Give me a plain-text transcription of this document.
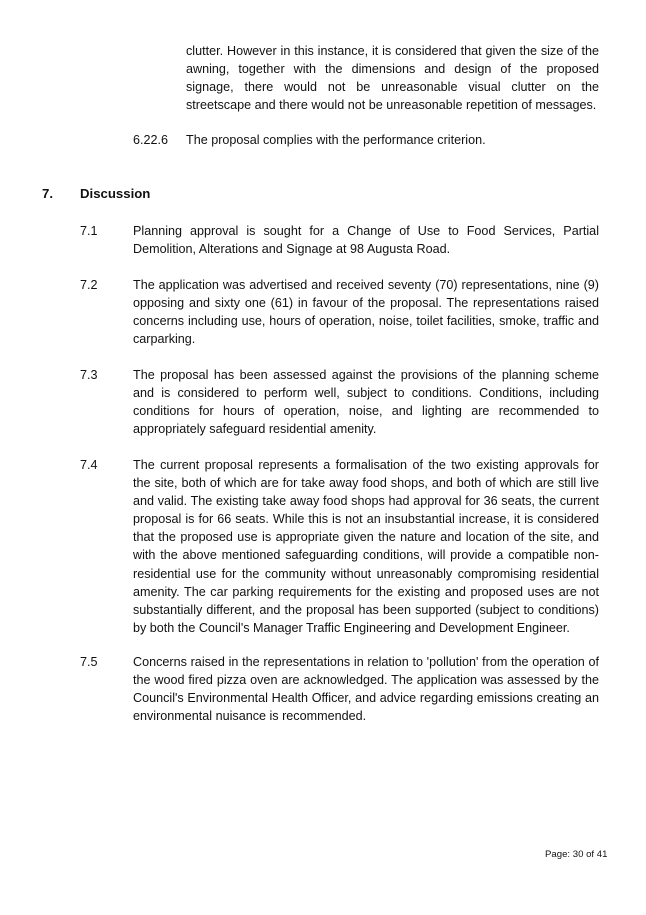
clutter. However in this instance, it is considered that given the size of the awning, together with the dimensions and design of the proposed signage, there would not be unreasonable visual clutter on the streetscape and there would not be unreasonable repetition of messages.
6.22.6 The proposal complies with the performance criterion.
7. Discussion
7.1	Planning approval is sought for a Change of Use to Food Services, Partial Demolition, Alterations and Signage at 98 Augusta Road.
7.2	The application was advertised and received seventy (70) representations, nine (9) opposing and sixty one (61) in favour of the proposal. The representations raised concerns including use, hours of operation, noise, toilet facilities, smoke, traffic and carparking.
7.3	The proposal has been assessed against the provisions of the planning scheme and is considered to perform well, subject to conditions. Conditions, including conditions for hours of operation, noise, and lighting are recommended to appropriately safeguard residential amenity.
7.4	The current proposal represents a formalisation of the two existing approvals for the site, both of which are for take away food shops, and both of which are still live and valid. The existing take away food shops had approval for 36 seats, the current proposal is for 66 seats. While this is not an insubstantial increase, it is considered that the proposed use is appropriate given the nature and location of the site, and with the above mentioned safeguarding conditions, will provide a compatible non-residential use for the community without unreasonably compromising residential amenity. The car parking requirements for the existing and proposed uses are not substantially different, and the proposal has been supported (subject to conditions) by both the Council's Manager Traffic Engineering and Development Engineer.
7.5	Concerns raised in the representations in relation to 'pollution' from the operation of the wood fired pizza oven are acknowledged. The application was assessed by the Council's Environmental Health Officer, and advice regarding emissions creating an environmental nuisance is recommended.
Page: 30 of 41
